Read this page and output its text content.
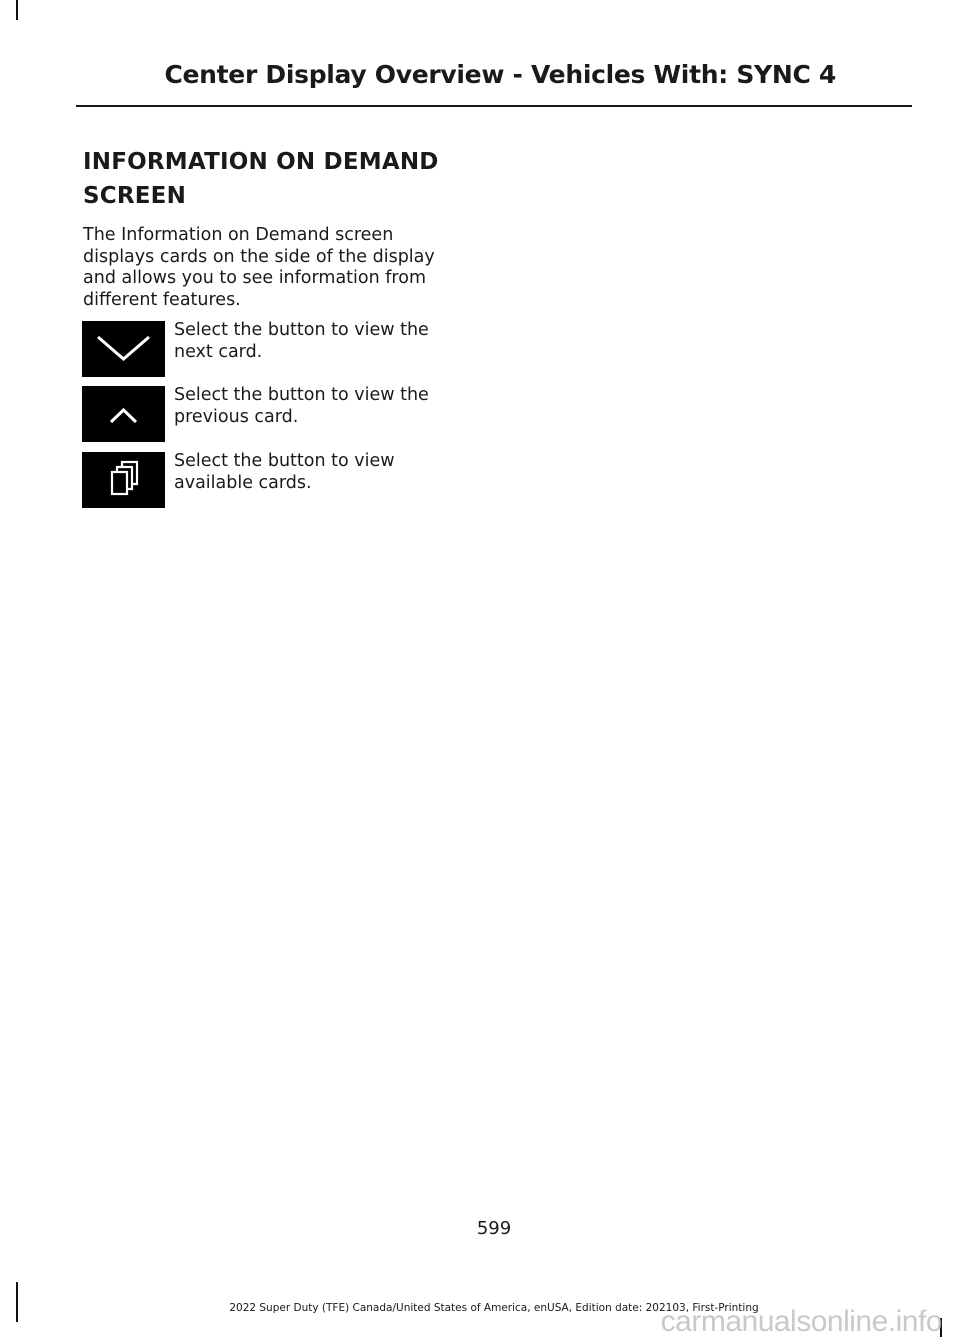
Center Display Overview - Vehicles With: SYNC 4
INFORMATION ON DEMAND SCREEN
The Information on Demand screen displays cards on the side of the display and allows you to see information from different features.
Select the button to view the next card.
Select the button to view the previous card.
Select the button to view available cards.
599
2022 Super Duty (TFE) Canada/United States of America, enUSA, Edition date: 202103, First-Printing
carmanualsonline.info
